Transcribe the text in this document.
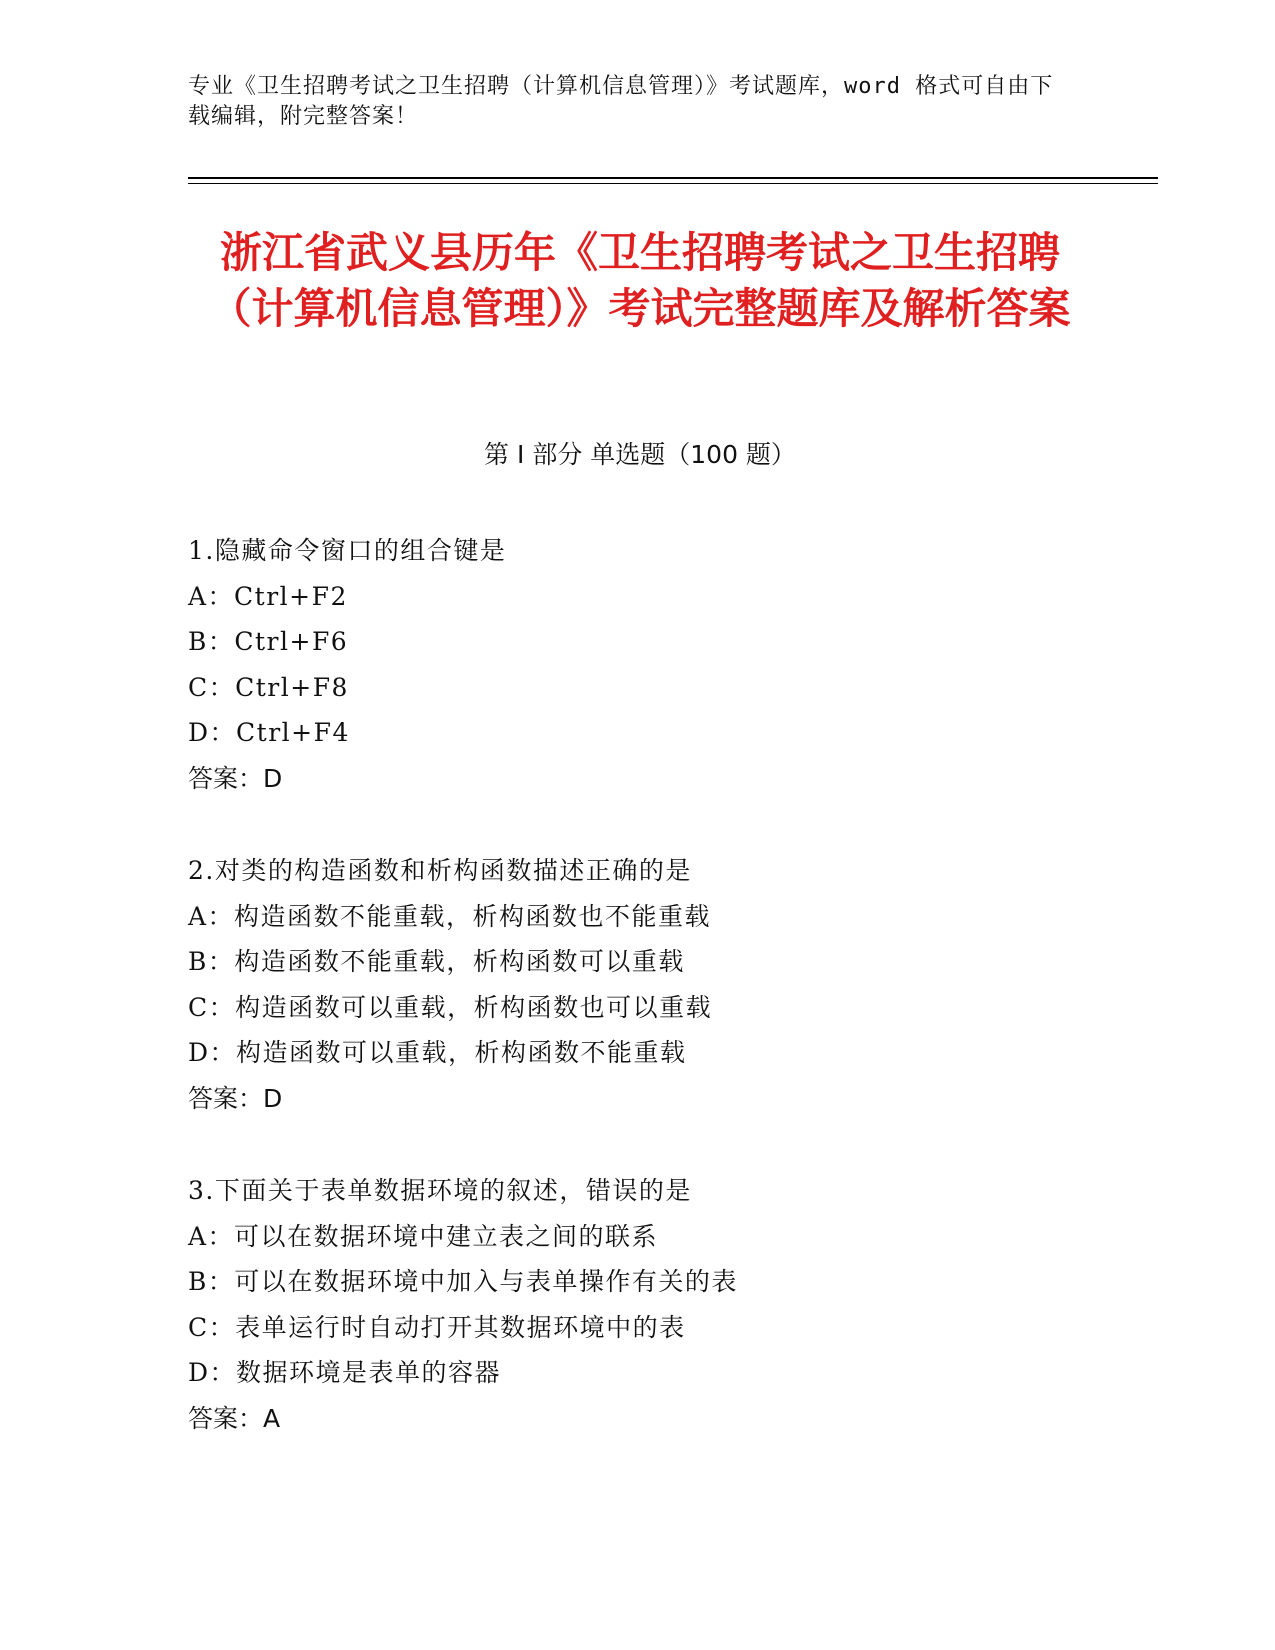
专业《卫生招聘考试之卫生招聘（计算机信息管理）》考试题库，word 格式可自由下载编辑，附完整答案！
浙江省武义县历年《卫生招聘考试之卫生招聘（计算机信息管理）》考试完整题库及解析答案
第 I 部分 单选题（100 题）
1.隐藏命令窗口的组合键是
A：Ctrl+F2
B：Ctrl+F6
C：Ctrl+F8
D：Ctrl+F4
答案：D
2.对类的构造函数和析构函数描述正确的是
A：构造函数不能重载，析构函数也不能重载
B：构造函数不能重载，析构函数可以重载
C：构造函数可以重载，析构函数也可以重载
D：构造函数可以重载，析构函数不能重载
答案：D
3.下面关于表单数据环境的叙述，错误的是
A：可以在数据环境中建立表之间的联系
B：可以在数据环境中加入与表单操作有关的表
C：表单运行时自动打开其数据环境中的表
D：数据环境是表单的容器
答案：A
